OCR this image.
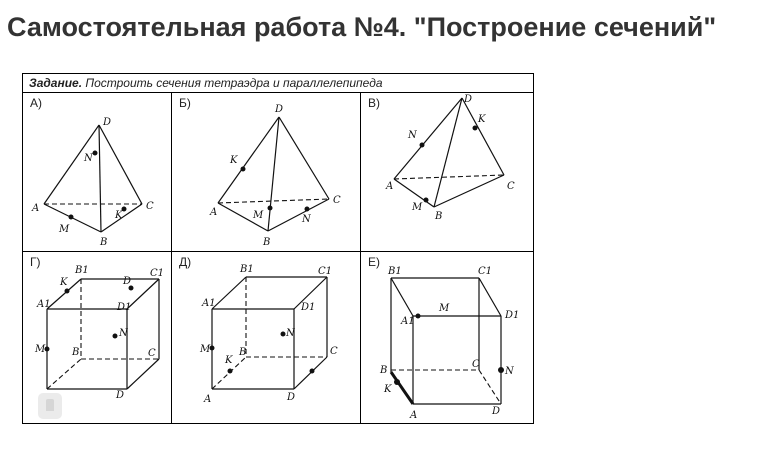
Самостоятельная работа №4. "Построение сечений"
Задание. Построить сечения тетраэдра и параллелепипеда
А)
D
N
A
M
K
C
B
Б)	D
K
A	M	N
C
B
В)	D
N
K
A
M
B
C
Г)
B1	C1
K	D
A1	D1
M
N
B	C
D
Д)
B1	C1
A1	D1
M
N
K
B	C
A	D
Е)
B1	C1
M
A1
D1
C
N
B
K
A	D
